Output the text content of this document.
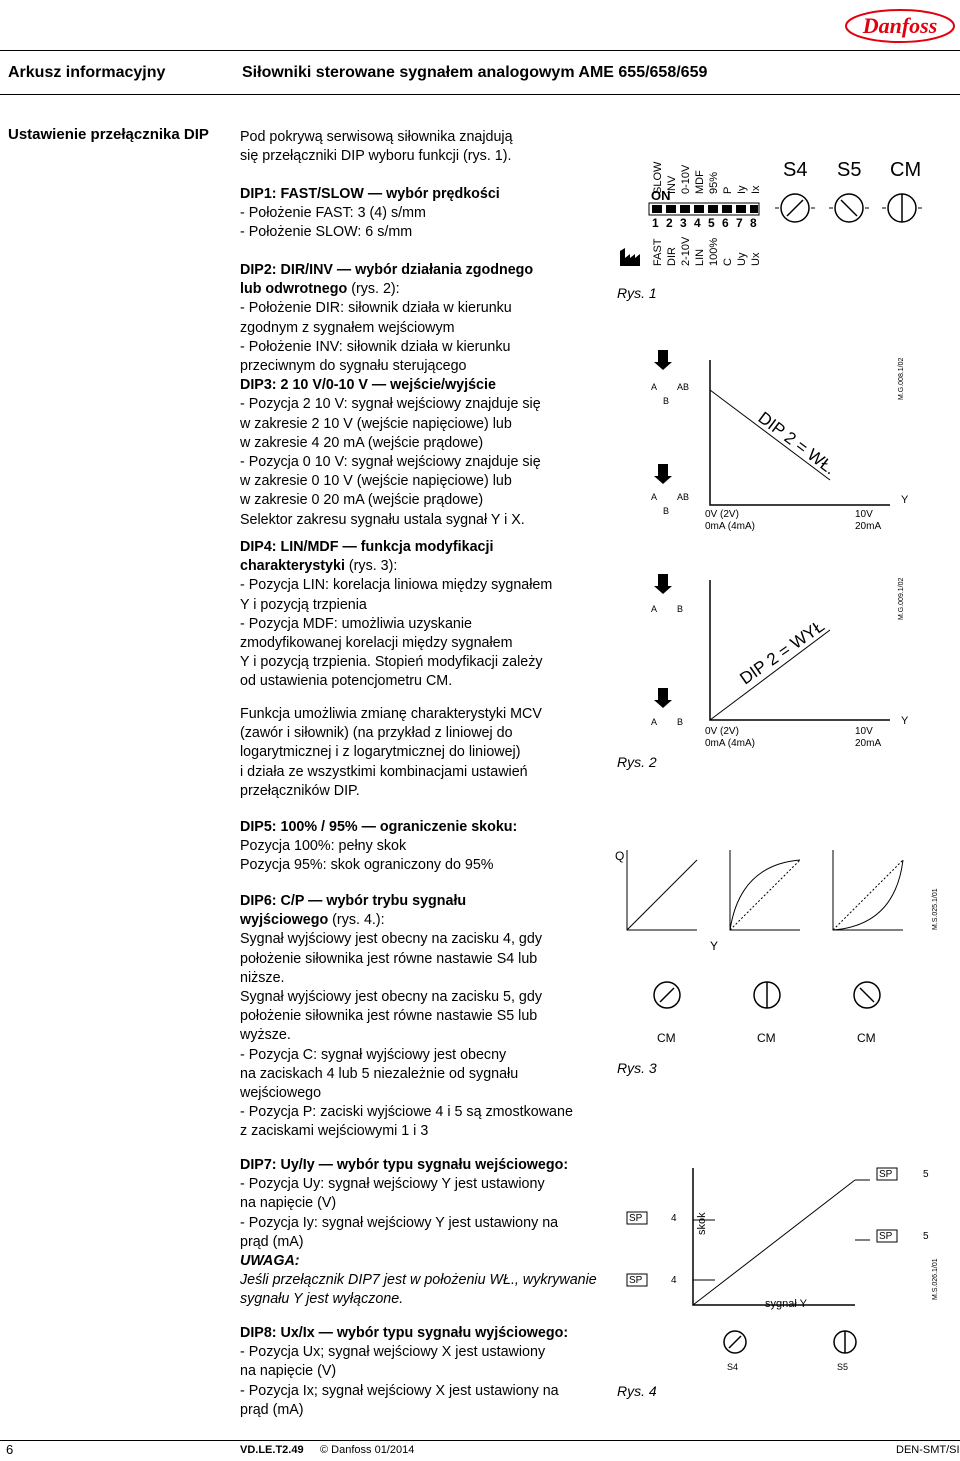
Danfoss
Arkusz informacyjny	Siłowniki sterowane sygnałem analogowym AME 655/658/659
Ustawienie przełącznika DIP Pod pokrywą serwisową siłownika znajdują

się przełączniki DIP wyboru funkcji (rys. 1).

DIP1: FAST/SLOW — wybór prędkości

- Położenie FAST: 3 (4) s/mm

- Położenie SLOW: 6 s/mm

DIP2: DIR/INV — wybór działania zgodnego

lub odwrotnego (rys. 2):

- Położenie DIR: siłownik działa w kierunku

zgodnym z sygnałem wejściowym

- Położenie INV: siłownik działa w kierunku

przeciwnym do sygnału sterującego

DIP3: 2 10 V/0-10 V — wejście/wyjście

- Pozycja 2 10 V: sygnał wejściowy znajduje się

w zakresie 2 10 V (wejście napięciowe) lub

w zakresie 4 20 mA (wejście prądowe)

- Pozycja 0 10 V: sygnał wejściowy znajduje się

w zakresie 0 10 V (wejście napięciowe) lub

w zakresie 0 20 mA (wejście prądowe)

Selektor zakresu sygnału ustala sygnał Y i X.

DIP4: LIN/MDF — funkcja modyfikacji

charakterystyki (rys. 3):

- Pozycja LIN: korelacja liniowa między sygnałem

Y i pozycją trzpienia

- Pozycja MDF: umożliwia uzyskanie

zmodyfikowanej korelacji między sygnałem

Y i pozycją trzpienia. Stopień modyfikacji zależy

od ustawienia potencjometru CM.

Funkcja umożliwia zmianę charakterystyki MCV

(zawór i siłownik) (na przykład z liniowej do

logarytmicznej i z logarytmicznej do liniowej)

i działa ze wszystkimi kombinacjami ustawień

przełączników DIP.

DIP5: 100% / 95% — ograniczenie skoku:

Pozycja 100%: pełny skok

Pozycja 95%: skok ograniczony do 95%

DIP6: C/P — wybór trybu sygnału

wyjściowego (rys. 4.):

Sygnał wyjściowy jest obecny na zacisku 4, gdy

położenie siłownika jest równe nastawie S4 lub

niższe.

Sygnał wyjściowy jest obecny na zacisku 5, gdy

położenie siłownika jest równe nastawie S5 lub

wyższe.

- Pozycja C: sygnał wyjściowy jest obecny

na zaciskach 4 lub 5 niezależnie od sygnału

wejściowego

- Pozycja P: zaciski wyjściowe 4 i 5 są zmostkowane

z zaciskami wejściowymi 1 i 3

DIP7: Uy/Iy — wybór typu sygnału wejściowego:

- Pozycja Uy: sygnał wejściowy Y jest ustawiony

na napięcie (V)

- Pozycja Iy: sygnał wejściowy Y jest ustawiony na

prąd (mA)

UWAGA:

Jeśli przełącznik DIP7 jest w położeniu WŁ., wykrywanie

sygnału Y jest wyłączone.

DIP8: Ux/Ix — wybór typu sygnału wyjściowego:

- Pozycja Ux; sygnał wejściowy X jest ustawiony

na napięcie (V)

- Pozycja Ix; sygnał wejściowy X jest ustawiony na

prąd (mA)

ON
1 2 3 4 5 6 7 8
SLOW INV 0-10V MDF 95% P Iy Ix
FAST DIR 2-10V LIN 100% C Uy Ux
S4 S5 CM
Rys. 1
A AB
B
A AB
B
DIP 2 = WŁ.
0V (2V)
0mA (4mA)
10V
20mA
Y
M.G.008.1/02
A B
A B
DIP 2 = WYŁ
0V (2V)
0mA (4mA)
10V
20mA
Y
M.G.009.1/02
Rys. 2
Q
Y
CM	CM	CM
M.S.025.1/01
Rys. 3
SP	4
SP	4
SP	5
SP	5
skok
sygnał Y
S4	S5
M.S.026.1/01
Rys. 4
6	VD.LE.T2.49 © Danfoss 01/2014	DEN-SMT/SI
